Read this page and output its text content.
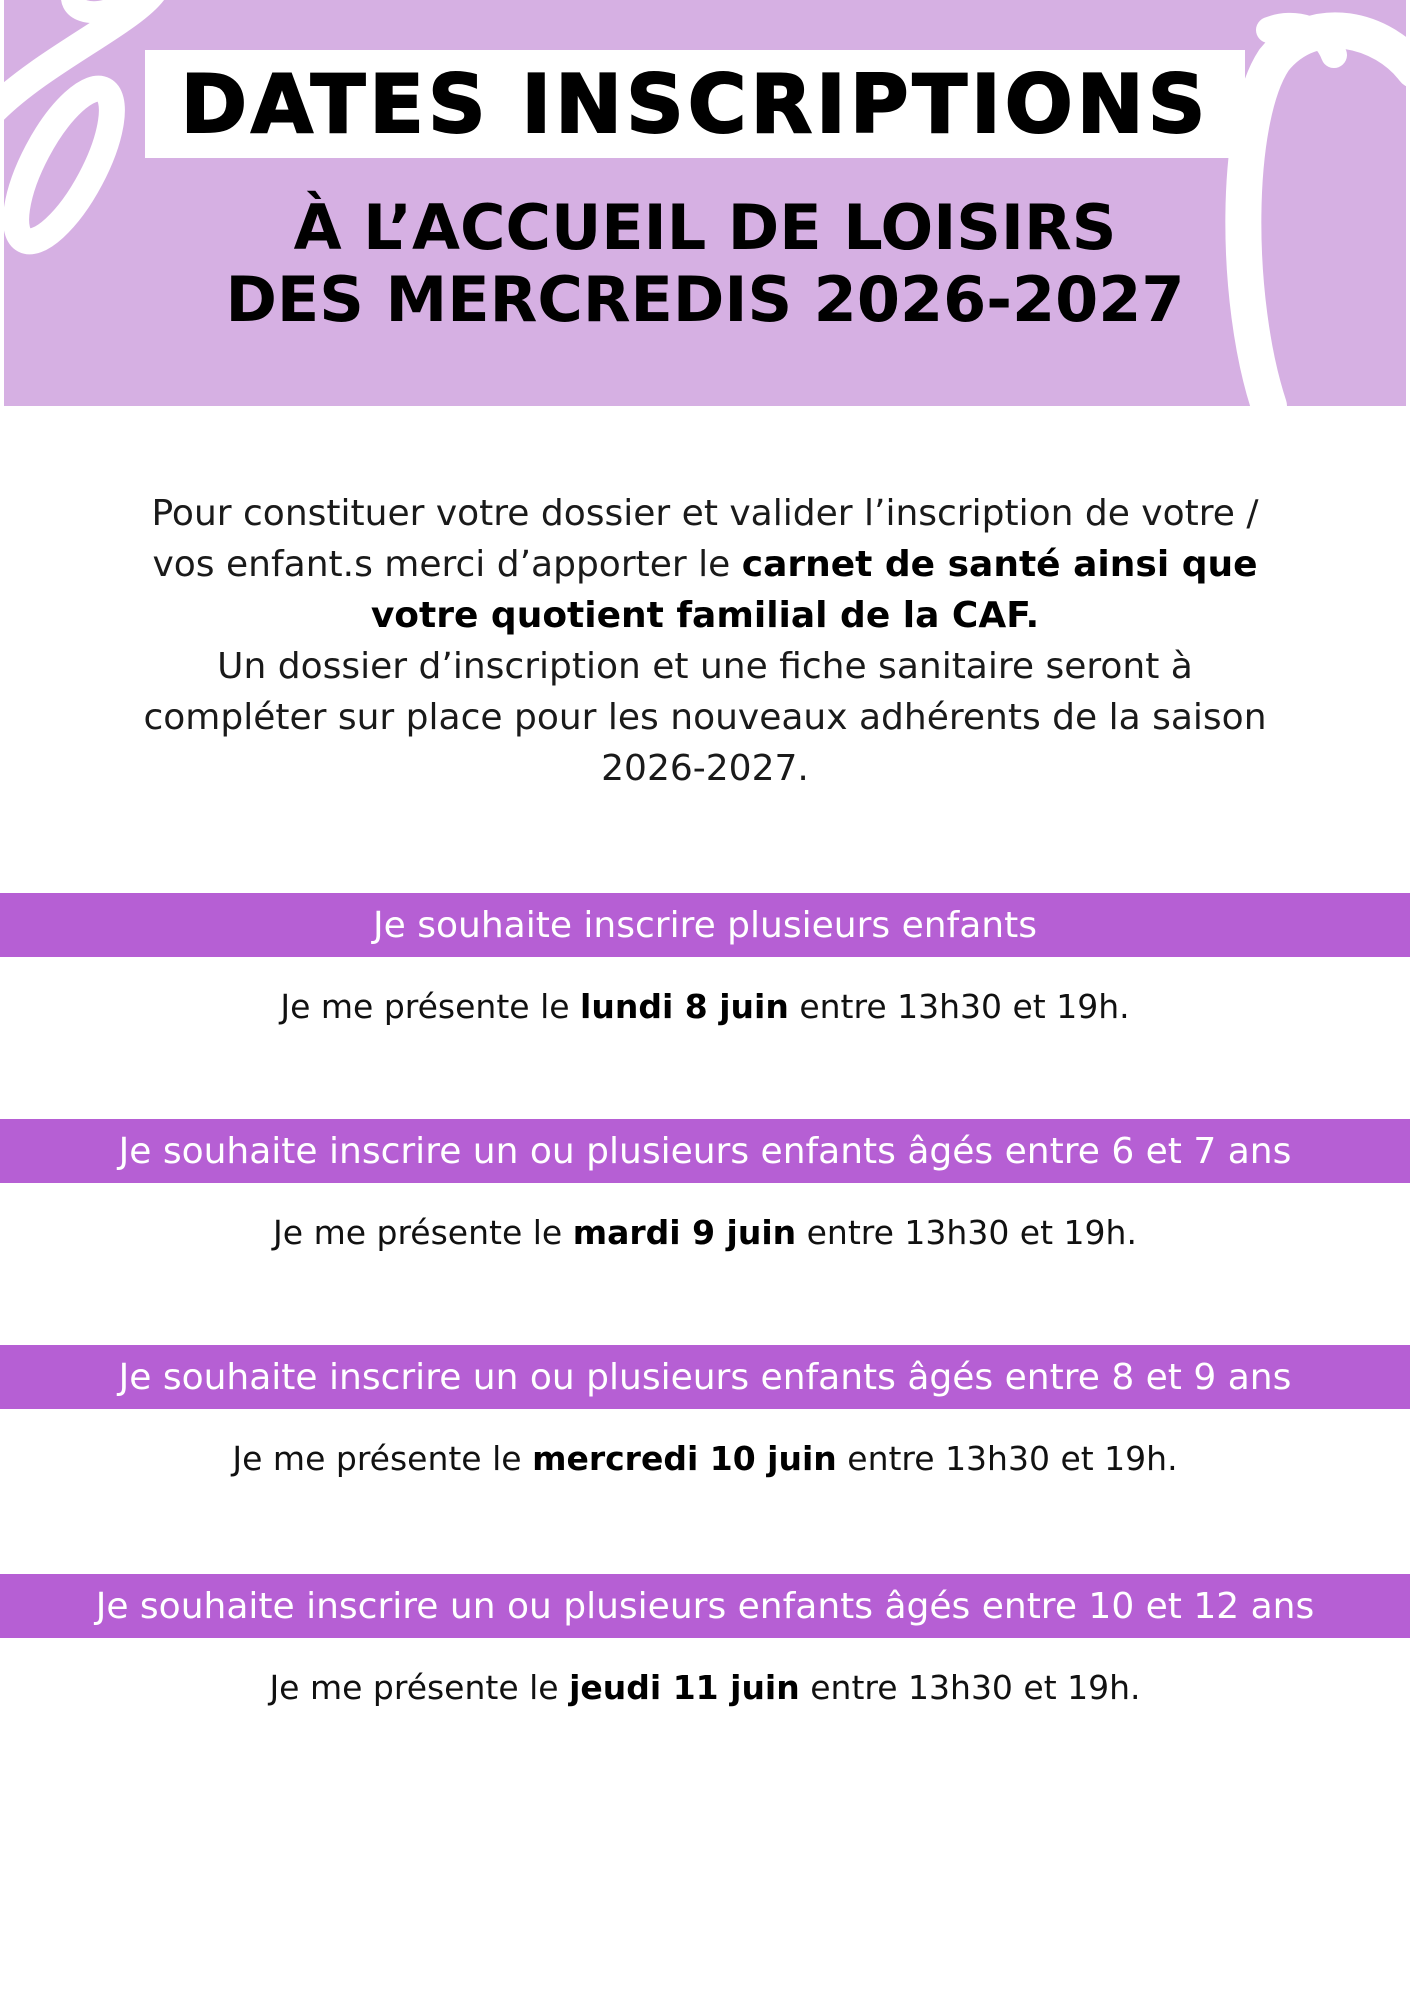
DATES INSCRIPTIONS
À L’ACCUEIL DE LOISIRS
DES MERCREDIS 2026-2027

Pour constituer votre dossier et valider l’inscription de votre /
vos enfant.s merci d’apporter le carnet de santé ainsi que
votre quotient familial de la CAF.
Un dossier d’inscription et une fiche sanitaire seront à
compléter sur place pour les nouveaux adhérents de la saison
2026-2027.

Je souhaite inscrire plusieurs enfants
Je me présente le lundi 8 juin entre 13h30 et 19h.
Je souhaite inscrire un ou plusieurs enfants âgés entre 6 et 7 ans
Je me présente le mardi 9 juin entre 13h30 et 19h.
Je souhaite inscrire un ou plusieurs enfants âgés entre 8 et 9 ans
Je me présente le mercredi 10 juin entre 13h30 et 19h.
Je souhaite inscrire un ou plusieurs enfants âgés entre 10 et 12 ans
Je me présente le jeudi 11 juin entre 13h30 et 19h.
